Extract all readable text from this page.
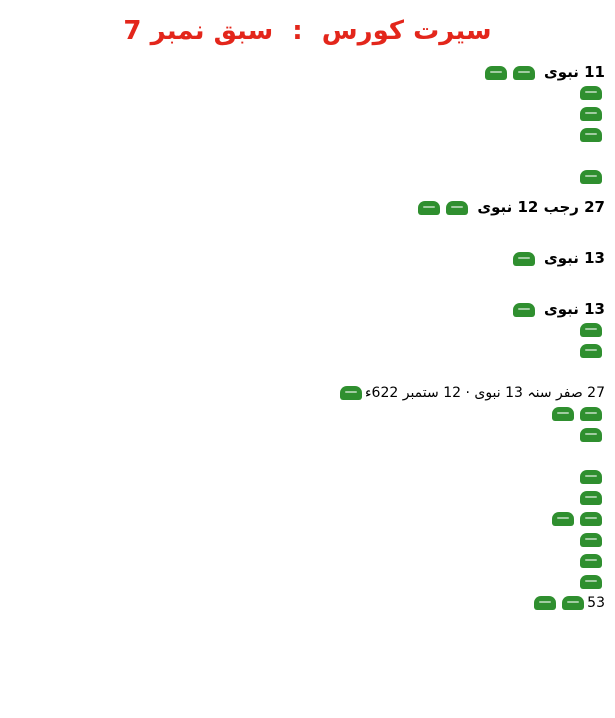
سیرت کورس : سبق نمبر 7
11 نبوی
27 رجب 12 نبوی
13 نبوی
13 نبوی
27 صفر سنہ 13 نبوی · 12 ستمبر 622ء
53
